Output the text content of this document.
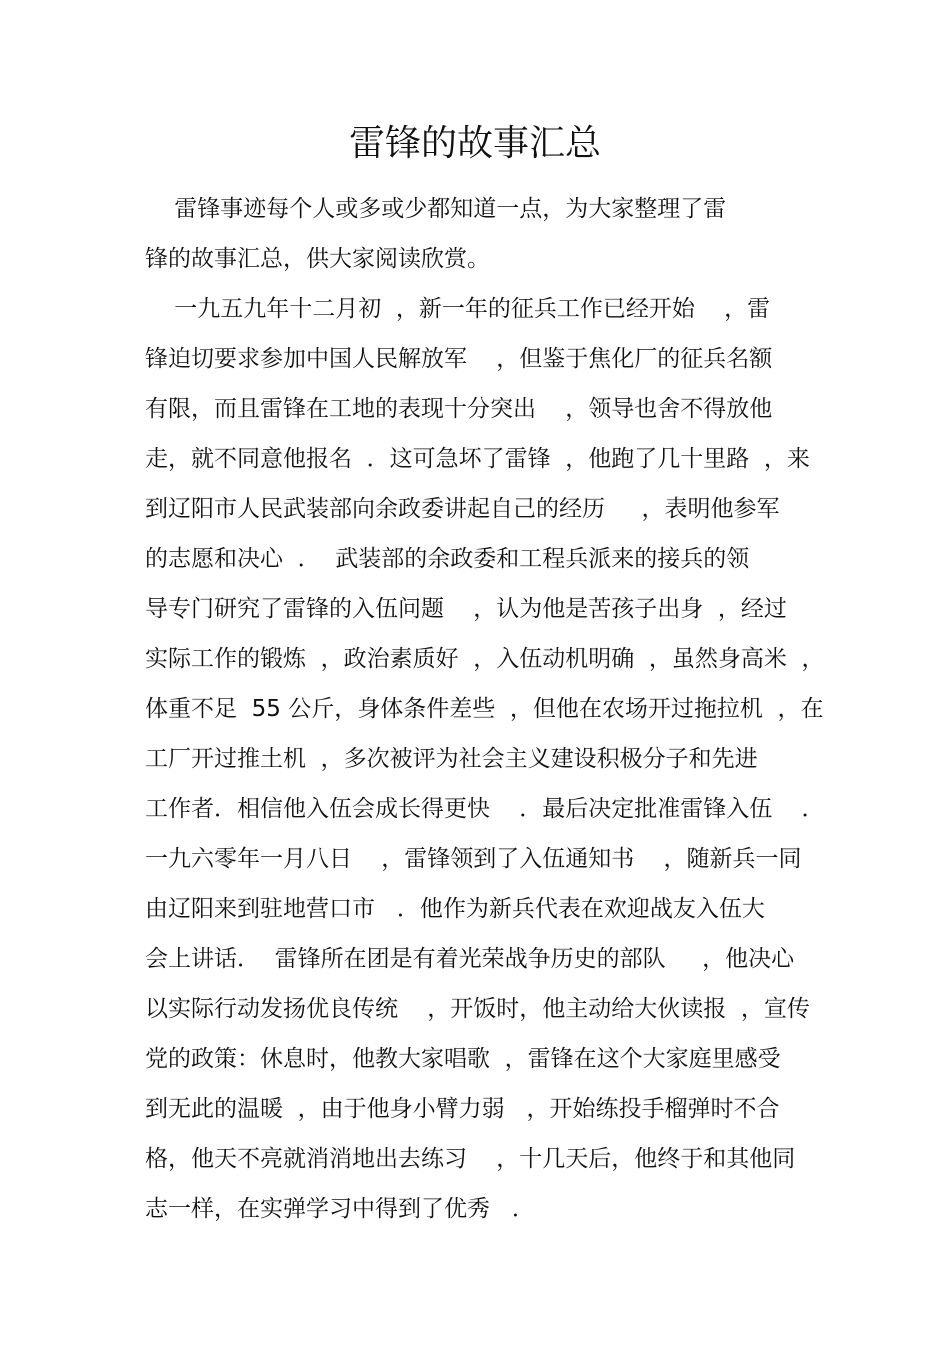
雷锋的故事汇总

雷锋事迹每个人或多或少都知道一点，为大家整理了雷

锋的故事汇总，供大家阅读欣赏。

一九五九年十二月初  ，新一年的征兵工作已经开始    ，雷

锋迫切要求参加中国人民解放军    ，但鉴于焦化厂的征兵名额

有限，而且雷锋在工地的表现十分突出    ，领导也舍不得放他

走，就不同意他报名  ．这可急坏了雷锋  ，他跑了几十里路  ，来

到辽阳市人民武装部向余政委讲起自己的经历     ，表明他参军

的志愿和决心  ．  武装部的余政委和工程兵派来的接兵的领

导专门研究了雷锋的入伍问题    ，认为他是苦孩子出身  ，经过

实际工作的锻炼  ，政治素质好  ，入伍动机明确  ，虽然身高米  ，

体重不足  55 公斤，身体条件差些  ，但他在农场开过拖拉机  ，在

工厂开过推土机  ，多次被评为社会主义建设积极分子和先进

工作者．相信他入伍会成长得更快    ．最后决定批准雷锋入伍    ．

一九六零年一月八日    ，雷锋领到了入伍通知书    ，随新兵一同

由辽阳来到驻地营口市   ．他作为新兵代表在欢迎战友入伍大

会上讲话．  雷锋所在团是有着光荣战争历史的部队     ，他决心

以实际行动发扬优良传统    ，开饭时，他主动给大伙读报  ，宣传

党的政策：休息时，他教大家唱歌  ，雷锋在这个大家庭里感受

到无此的温暖  ，由于他身小臂力弱   ，开始练投手榴弹时不合

格，他天不亮就消消地出去练习    ，十几天后，他终于和其他同

志一样，在实弹学习中得到了优秀   ．
